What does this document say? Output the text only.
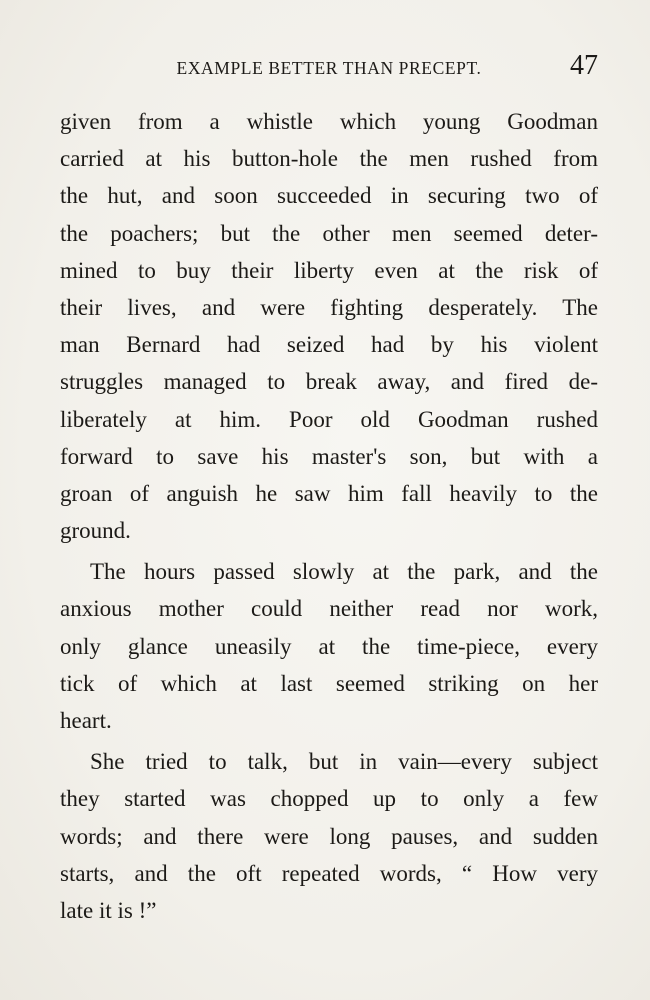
EXAMPLE BETTER THAN PRECEPT.	47
given from a whistle which young Goodman
carried at his button-hole the men rushed from
the hut, and soon succeeded in securing two of
the poachers; but the other men seemed deter-
mined to buy their liberty even at the risk of
their lives, and were fighting desperately. The
man Bernard had seized had by his violent
struggles managed to break away, and fired de-
liberately at him. Poor old Goodman rushed
forward to save his master's son, but with a
groan of anguish he saw him fall heavily to the
ground.
The hours passed slowly at the park, and the
anxious mother could neither read nor work,
only glance uneasily at the time-piece, every
tick of which at last seemed striking on her
heart.
She tried to talk, but in vain—every subject
they started was chopped up to only a few
words; and there were long pauses, and sudden
starts, and the oft repeated words, “ How very
late it is !”
